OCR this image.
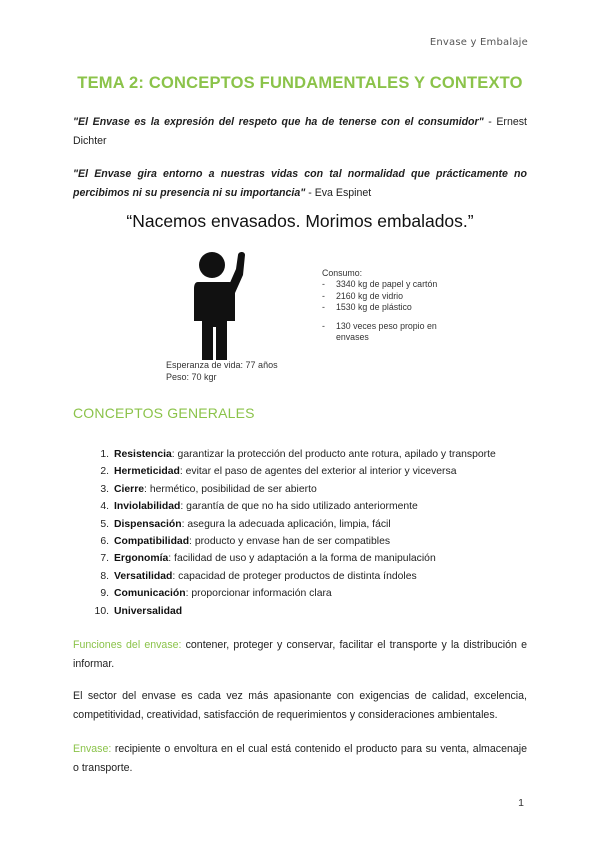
Envase y Embalaje
TEMA 2: CONCEPTOS FUNDAMENTALES Y CONTEXTO

"El Envase es la expresión del respeto que ha de tenerse con el consumidor" - Ernest Dichter

"El Envase gira entorno a nuestras vidas con tal normalidad que prácticamente no percibimos ni su presencia ni su importancia" - Eva Espinet

“Nacemos envasados. Morimos embalados.”
Esperanza de vida: 77 años
Peso: 70 kgr
Consumo:
- 3340 kg de papel y cartón
- 2160 kg de vidrio
- 1530 kg de plástico
- 130 veces peso propio en
envases
CONCEPTOS GENERALES
1. Resistencia: garantizar la protección del producto ante rotura, apilado y transporte
2. Hermeticidad: evitar el paso de agentes del exterior al interior y viceversa
3. Cierre: hermético, posibilidad de ser abierto
4. Inviolabilidad: garantía de que no ha sido utilizado anteriormente
5. Dispensación: asegura la adecuada aplicación, limpia, fácil
6. Compatibilidad: producto y envase han de ser compatibles
7. Ergonomía: facilidad de uso y adaptación a la forma de manipulación
8. Versatilidad: capacidad de proteger productos de distinta índoles
9. Comunicación: proporcionar información clara
10. Universalidad

Funciones del envase: contener, proteger y conservar, facilitar el transporte y la distribución e informar.

El sector del envase es cada vez más apasionante con exigencias de calidad, excelencia, competitividad, creatividad, satisfacción de requerimientos y consideraciones ambientales.

Envase: recipiente o envoltura en el cual está contenido el producto para su venta, almacenaje o transporte.

1
